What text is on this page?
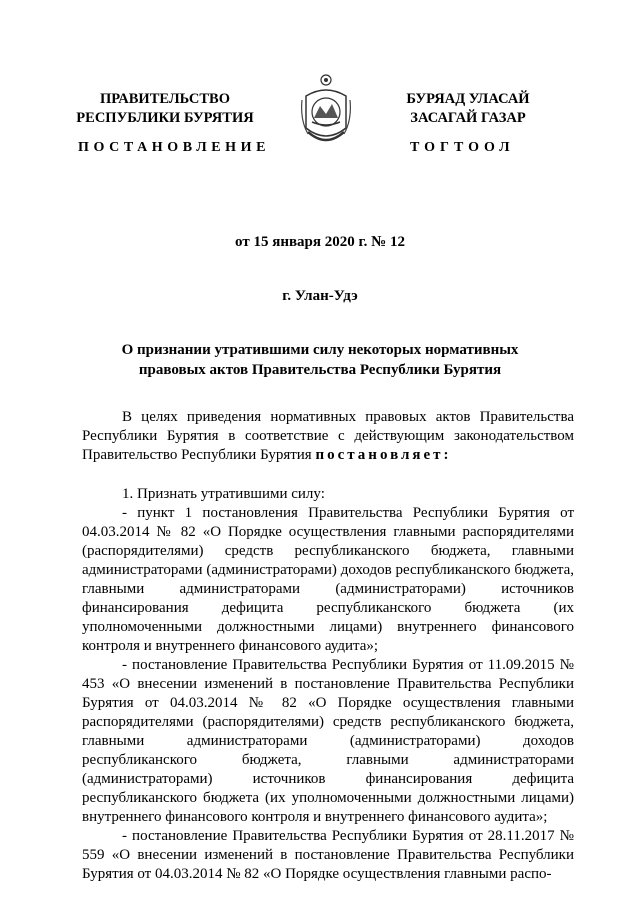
ПРАВИТЕЛЬСТВО
РЕСПУБЛИКИ БУРЯТИЯ
БУРЯАД УЛАСАЙ
ЗАСАГАЙ ГАЗАР
ПОСТАНОВЛЕНИЕ	ТОГТООЛ
от 15 января 2020 г. № 12
г. Улан-Удэ
О признании утратившими силу некоторых нормативных
правовых актов Правительства Республики Бурятия

В целях приведения нормативных правовых актов Правительства Республики Бурятия в соответствие с действующим законодательством Правительство Республики Бурятия постановляет:

1. Признать утратившими силу:

- пункт 1 постановления Правительства Республики Бурятия от 04.03.2014 № 82 «О Порядке осуществления главными распорядителями (распорядителями) средств республиканского бюджета, главными администраторами (администраторами) доходов республиканского бюджета, главными администраторами (администраторами) источников финансирования дефицита республиканского бюджета (их уполномоченными должностными лицами) внутреннего финансового контроля и внутреннего финансового аудита»;

- постановление Правительства Республики Бурятия от 11.09.2015 № 453 «О внесении изменений в постановление Правительства Республики Бурятия от 04.03.2014 № 82 «О Порядке осуществления главными распорядителями (распорядителями) средств республиканского бюджета, главными администраторами (администраторами) доходов республиканского бюджета, главными администраторами (администраторами) источников финансирования дефицита республиканского бюджета (их уполномоченными должностными лицами) внутреннего финансового контроля и внутреннего финансового аудита»;

- постановление Правительства Республики Бурятия от 28.11.2017 № 559 «О внесении изменений в постановление Правительства Республики Бурятия от 04.03.2014 № 82 «О Порядке осуществления главными распо-
